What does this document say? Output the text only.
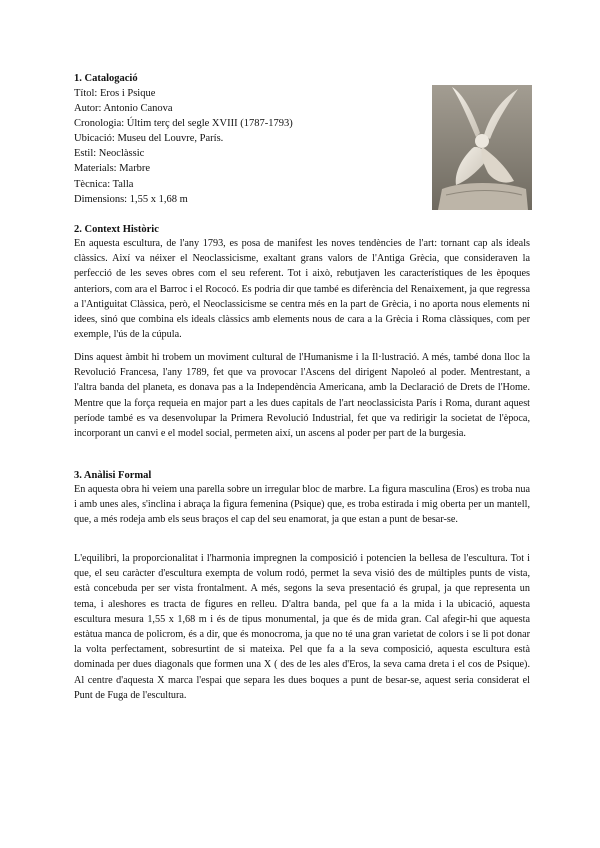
1. Catalogació
Títol: Eros i Psique
Autor: Antonio Canova
Cronologia: Últim terç del segle XVIII (1787-1793)
Ubicació: Museu del Louvre, París.
Estil: Neoclàssic
Materials: Marbre
Tècnica: Talla
Dimensions: 1,55 x 1,68 m
2. Context Històric

En aquesta escultura, de l'any 1793, es posa de manifest les noves tendències de l'art: tornant cap als ideals clàssics. Així va néixer el Neoclassicisme, exaltant grans valors de l'Antiga Grècia, que consideraven la perfecció de les seves obres com el seu referent. Tot i això, rebutjaven les característiques de les èpoques anteriors, com ara el Barroc i el Rococó. Es podria dir que també es diferència del Renaixement, ja que regressa a l'Antiguitat Clàssica, però, el Neoclassicisme se centra més en la part de Grècia, i no aporta nous elements ni idees, sinó que combina els ideals clàssics amb elements nous de cara a la Grècia i Roma clàssiques, com per exemple, l'ús de la cúpula.

Dins aquest àmbit hi trobem un moviment cultural de l'Humanisme i la Il·lustració. A més, també dona lloc la Revolució Francesa, l'any 1789, fet que va provocar l'Ascens del dirigent Napoleó al poder. Mentrestant, a l'altra banda del planeta, es donava pas a la Independència Americana, amb la Declaració de Drets de l'Home. Mentre que la força requeia en major part a les dues capitals de l'art neoclassicista París i Roma, durant aquest període també es va desenvolupar la Primera Revolució Industrial, fet que va redirigir la societat de l'època, incorporant un canvi e el model social, permeten així, un ascens al poder per part de la burgesia.

3. Anàlisi Formal

En aquesta obra hi veiem una parella sobre un irregular bloc de marbre. La figura masculina (Eros) es troba nua i amb unes ales, s'inclina i abraça la figura femenina (Psique) que, es troba estirada i mig oberta per un mantell, que, a més rodeja amb els seus braços el cap del seu enamorat, ja que estan a punt de besar-se.

L'equilibri, la proporcionalitat i l'harmonia impregnen la composició i potencien la bellesa de l'escultura. Tot i que, el seu caràcter d'escultura exempta de volum rodó, permet la seva visió des de múltiples punts de vista, està concebuda per ser vista frontalment. A més, segons la seva presentació és grupal, ja que representa un tema, i aleshores es tracta de figures en relleu. D'altra banda, pel que fa a la mida i la ubicació, aquesta escultura mesura 1,55 x 1,68 m i és de tipus monumental, ja que és de mida gran. Cal afegir-hi que aquesta estàtua manca de policrom, és a dir, que és monocroma, ja que no té una gran varietat de colors i se li pot donar la volta perfectament, sobresurtint de si mateixa. Pel que fa a la seva composició, aquesta escultura està dominada per dues diagonals que formen una X ( des de les ales d'Eros, la seva cama dreta i el cos de Psique). Al centre d'aquesta X marca l'espai que separa les dues boques a punt de besar-se, aquest seria considerat el Punt de Fuga de l'escultura.
